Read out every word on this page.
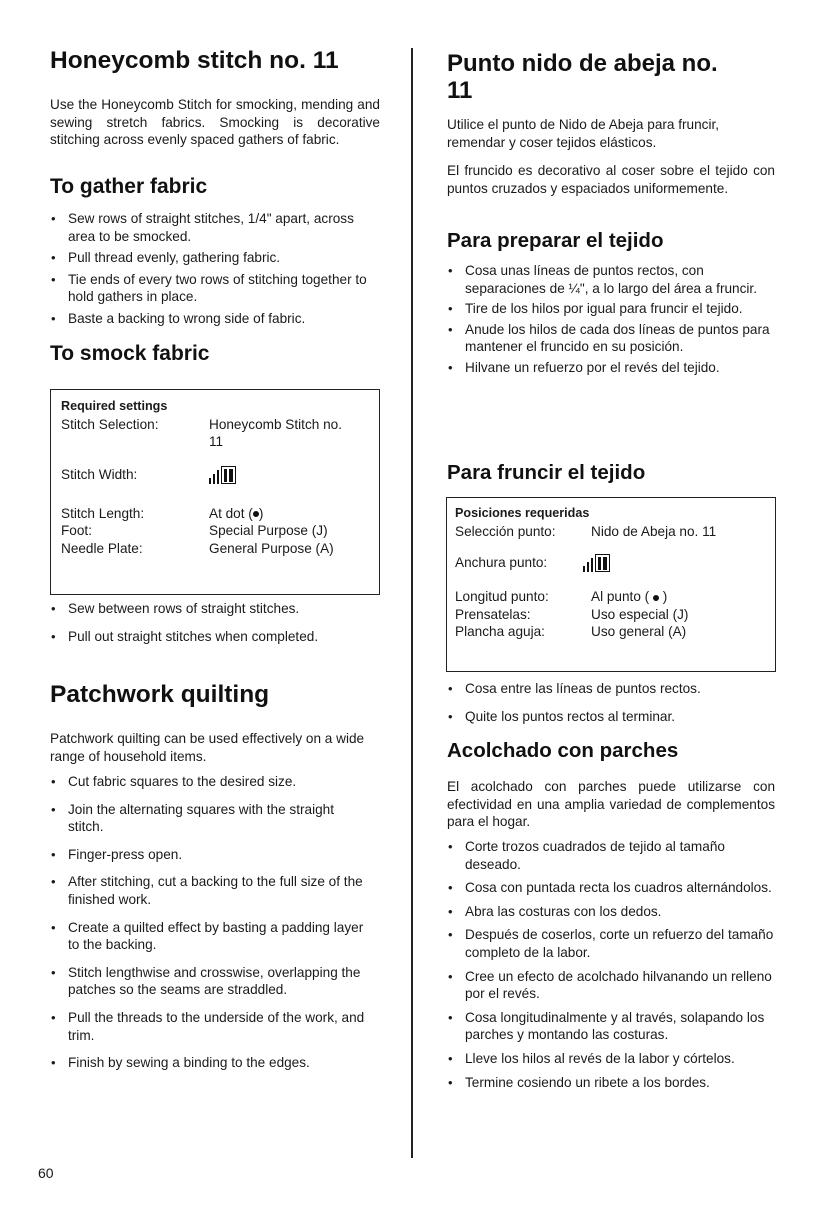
Honeycomb stitch no. 11

Use the Honeycomb Stitch for smocking, mending and sewing stretch fabrics. Smocking is decorative stitching across evenly spaced gathers of fabric.

To gather fabric
• Sew rows of straight stitches, 1/4" apart, across area to be smocked.
• Pull thread evenly, gathering fabric.
• Tie ends of every two rows of stitching together to hold gathers in place.
• Baste a backing to wrong side of fabric.
To smock fabric
Required settings
Stitch Selection:	Honeycomb Stitch no. 11
Stitch Width:
Stitch Length:	At dot ( )
Foot:	Special Purpose (J)
Needle Plate:	General Purpose (A)
• Sew between rows of straight stitches.
• Pull out straight stitches when completed.
Patchwork quilting

Patchwork quilting can be used effectively on a wide range of household items.

• Cut fabric squares to the desired size.
• Join the alternating squares with the straight stitch.
• Finger-press open.
• After stitching, cut a backing to the full size of the finished work.
• Create a quilted effect by basting a padding layer to the backing.
• Stitch lengthwise and crosswise, overlapping the patches so the seams are straddled.
• Pull the threads to the underside of the work, and trim.
• Finish by sewing a binding to the edges.
Punto nido de abeja no. 11

Utilice el punto de Nido de Abeja para fruncir, remendar y coser tejidos elásticos.

El fruncido es decorativo al coser sobre el tejido con puntos cruzados y espaciados uniformemente.

Para preparar el tejido
• Cosa unas líneas de puntos rectos, con separaciones de ¼", a lo largo del área a fruncir.
• Tire de los hilos por igual para fruncir el tejido.
• Anude los hilos de cada dos líneas de puntos para mantener el fruncido en su posición.
• Hilvane un refuerzo por el revés del tejido.
Para fruncir el tejido
Posiciones requeridas
Selección punto:	Nido de Abeja no. 11
Anchura punto:
Longitud punto:	Al punto ( )
Prensatelas:	Uso especial (J)
Plancha aguja:	Uso general (A)
• Cosa entre las líneas de puntos rectos.
• Quite los puntos rectos al terminar.
Acolchado con parches

El acolchado con parches puede utilizarse con efectividad en una amplia variedad de complementos para el hogar.

• Corte trozos cuadrados de tejido al tamaño deseado.
• Cosa con puntada recta los cuadros alternándolos.
• Abra las costuras con los dedos.
• Después de coserlos, corte un refuerzo del tamaño completo de la labor.
• Cree un efecto de acolchado hilvanando un relleno por el revés.
• Cosa longitudinalmente y al través, solapando los parches y montando las costuras.
• Lleve los hilos al revés de la labor y córtelos.
• Termine cosiendo un ribete a los bordes.
60
